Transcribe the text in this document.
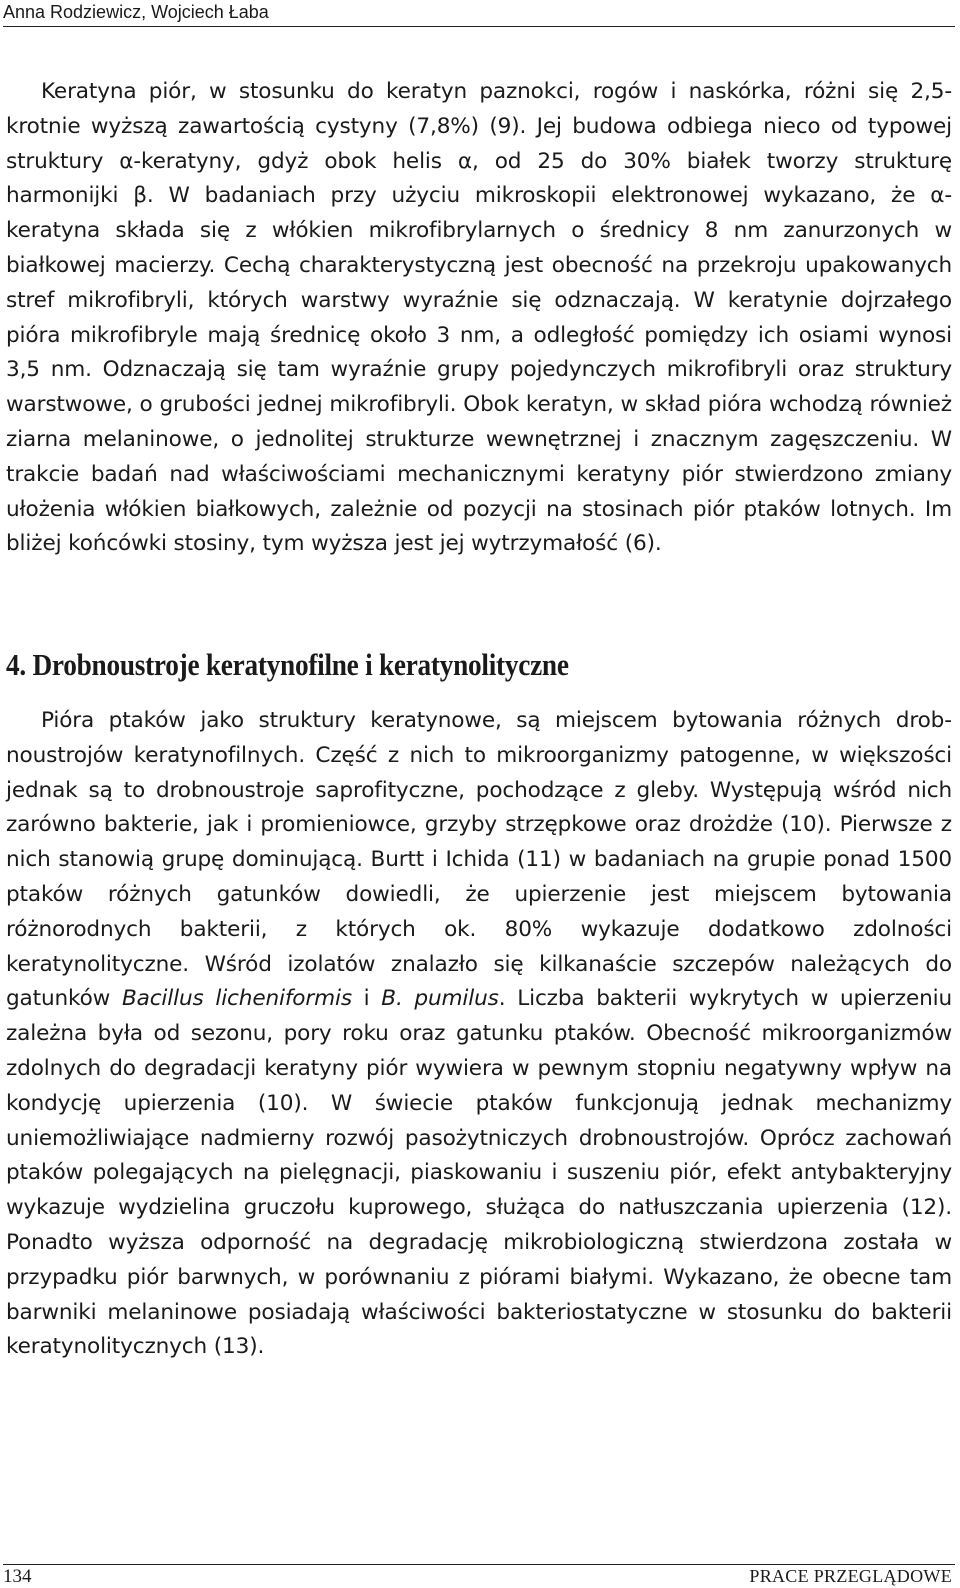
Anna Rodziewicz, Wojciech Łaba

Keratyna piór, w stosunku do keratyn paznokci, rogów i naskórka, różni się 2,5-krotnie wyższą zawartością cystyny (7,8%) (9). Jej budowa odbiega nieco od typowej struktury α-keratyny, gdyż obok helis α, od 25 do 30% białek tworzy strukturę harmonijki β. W badaniach przy użyciu mikroskopii elektronowej wykazano, że α-keratyna składa się z włókien mikrofibrylarnych o średnicy 8 nm zanurzonych w białkowej macierzy. Cechą charakterystyczną jest obecność na przekroju upakowanych stref mikrofibryli, których warstwy wyraźnie się odznaczają. W keratynie dojrzałego pióra mikrofibryle mają średnicę około 3 nm, a odległość pomiędzy ich osiami wynosi 3,5 nm. Odznaczają się tam wyraźnie grupy pojedynczych mikrofibryli oraz struktury warstwowe, o grubości jednej mikrofibryli. Obok keratyn, w skład pióra wchodzą również ziarna melaninowe, o jednolitej strukturze wewnętrznej i znacznym zagęszczeniu. W trakcie badań nad właściwościami mechanicznymi keratyny piór stwierdzono zmiany ułożenia włókien białkowych, zależnie od pozycji na stosinach piór ptaków lotnych. Im bliżej końcówki stosiny, tym wyższa jest jej wytrzymałość (6).

4. Drobnoustroje keratynofilne i keratynolityczne

Pióra ptaków jako struktury keratynowe, są miejscem bytowania różnych drobnoustrojów keratynofilnych. Część z nich to mikroorganizmy patogenne, w większości jednak są to drobnoustroje saprofityczne, pochodzące z gleby. Występują wśród nich zarówno bakterie, jak i promieniowce, grzyby strzępkowe oraz drożdże (10). Pierwsze z nich stanowią grupę dominującą. Burtt i Ichida (11) w badaniach na grupie ponad 1500 ptaków różnych gatunków dowiedli, że upierzenie jest miejscem bytowania różnorodnych bakterii, z których ok. 80% wykazuje dodatkowo zdolności keratynolityczne. Wśród izolatów znalazło się kilkanaście szczepów należących do gatunków Bacillus licheniformis i B. pumilus. Liczba bakterii wykrytych w upierzeniu zależna była od sezonu, pory roku oraz gatunku ptaków. Obecność mikroorganizmów zdolnych do degradacji keratyny piór wywiera w pewnym stopniu negatywny wpływ na kondycję upierzenia (10). W świecie ptaków funkcjonują jednak mechanizmy uniemożliwiające nadmierny rozwój pasożytniczych drobnoustrojów. Oprócz zachowań ptaków polegających na pielęgnacji, piaskowaniu i suszeniu piór, efekt antybakteryjny wykazuje wydzielina gruczołu kuprowego, służąca do natłuszczania upierzenia (12). Ponadto wyższa odporność na degradację mikrobiologiczną stwierdzona została w przypadku piór barwnych, w porównaniu z piórami białymi. Wykazano, że obecne tam barwniki melaninowe posiadają właściwości bakteriostatyczne w stosunku do bakterii keratynolitycznych (13).

134	PRACE PRZEGLĄDOWE
